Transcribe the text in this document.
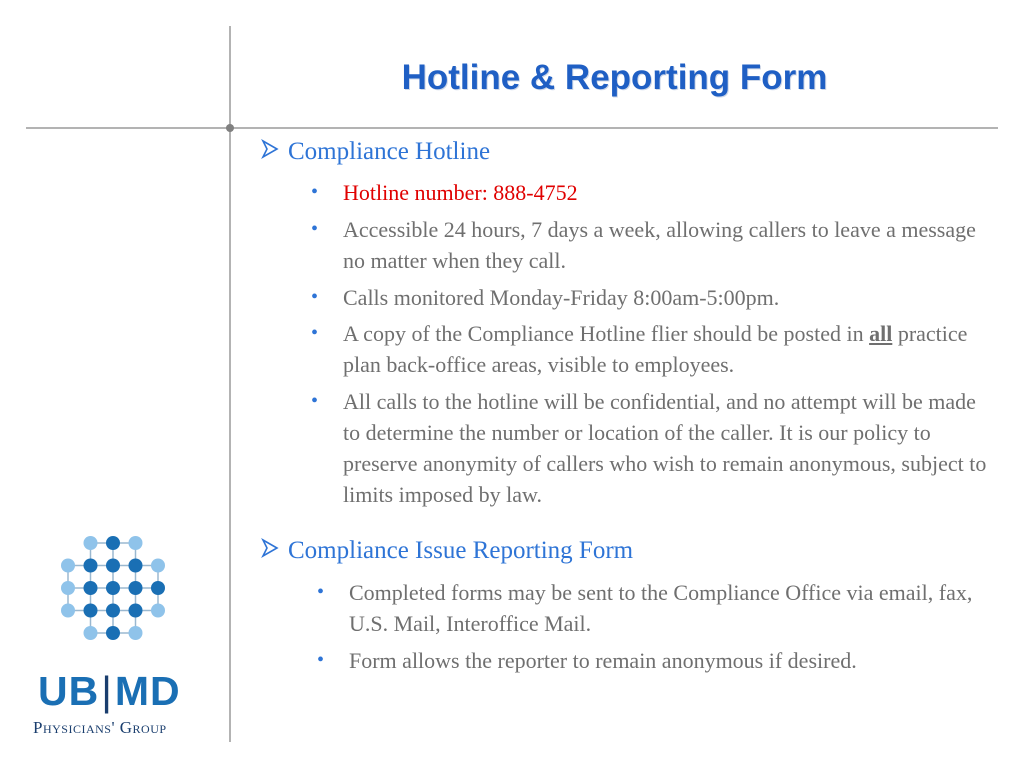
Hotline & Reporting Form
Compliance Hotline
• Hotline number: 888-4752
• Accessible 24 hours, 7 days a week, allowing callers to leave a message no matter when they call.
• Calls monitored Monday-Friday 8:00am-5:00pm.
• A copy of the Compliance Hotline flier should be posted in all practice plan back-office areas, visible to employees.
• All calls to the hotline will be confidential, and no attempt will be made to determine the number or location of the caller. It is our policy to preserve anonymity of callers who wish to remain anonymous, subject to limits imposed by law.
Compliance Issue Reporting Form
• Completed forms may be sent to the Compliance Office via email, fax, U.S. Mail, Interoffice Mail.
• Form allows the reporter to remain anonymous if desired.
UB|MD
Physicians' Group
